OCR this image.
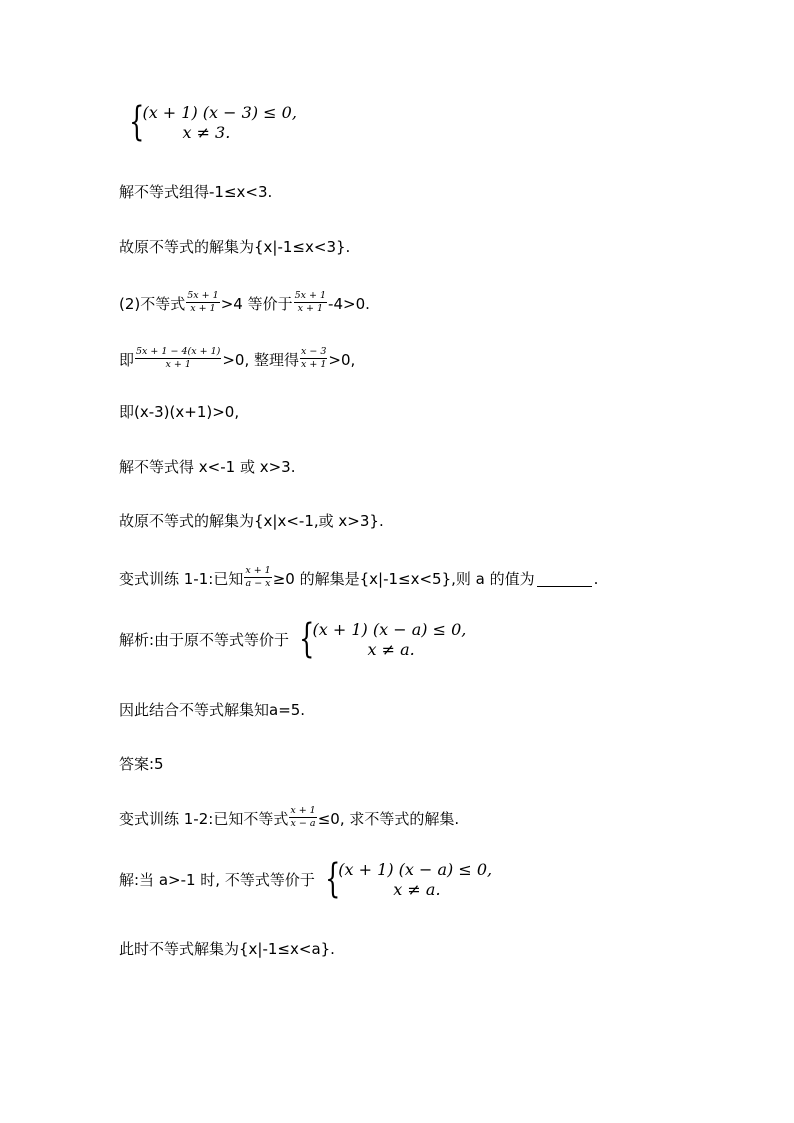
{
(x + 1) (x − 3) ≤ 0,
x ≠ 3.
解不等式组得-1≤x<3.
故原不等式的解集为{x|-1≤x<3}.
(2)不等式 $\frac{5x + 1}{x + 1} >4$ 等价于 $\frac{5x + 1}{x + 1} -4>0$.
即 $\frac{5x + 1 - 4(x + 1)}{x + 1} >0$, 整理得 $\frac{x - 3}{x + 1} >0$,
即(x-3)(x+1)>0,
解不等式得 x<-1 或 x>3.
故原不等式的解集为{x|x<-1,或 x>3}.
变式训练 1-1:已知 $\frac{x + 1}{a - x} \ge 0$ 的解集是{x|-1≤x<5},则 a 的值为	.
解析:由于原不等式等价于 {
(x + 1) (x − a) ≤ 0,
x ≠ a.
因此结合不等式解集知a=5.
答案:5
变式训练 1-2:已知不等式 $\frac{x + 1}{x - a} \le 0$, 求不等式的解集.
解:当 a>-1 时, 不等式等价于 {
(x + 1) (x − a) ≤ 0,
x ≠ a.
此时不等式解集为{x|-1≤x<a}.
